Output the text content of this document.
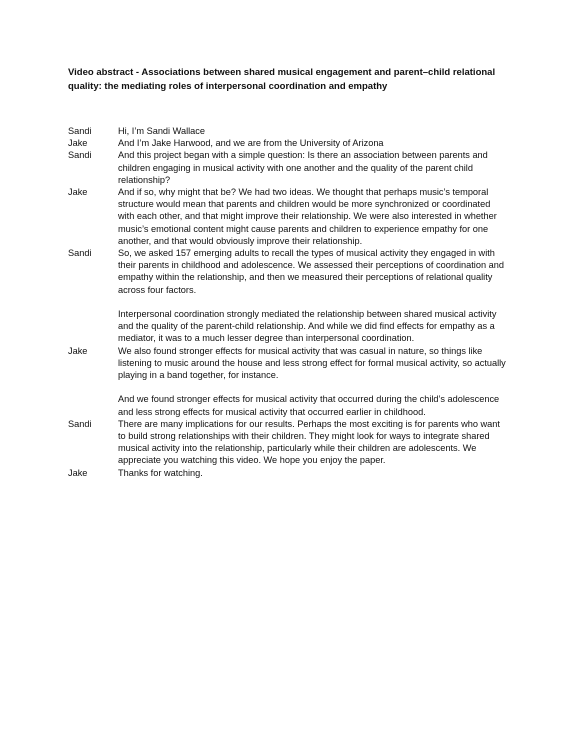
Video abstract - Associations between shared musical engagement and parent–child relational quality: the mediating roles of interpersonal coordination and empathy
Sandi	Hi, I’m Sandi Wallace
Jake	And I’m Jake Harwood, and we are from the University of Arizona
Sandi	And this project began with a simple question: Is there an association between parents and children engaging in musical activity with one another and the quality of the parent child relationship?
Jake	And if so, why might that be? We had two ideas. We thought that perhaps music’s temporal structure would mean that parents and children would be more synchronized or coordinated with each other, and that might improve their relationship. We were also interested in whether music’s emotional content might cause parents and children to experience empathy for one another, and that would obviously improve their relationship.
Sandi	So, we asked 157 emerging adults to recall the types of musical activity they engaged in with their parents in childhood and adolescence. We assessed their perceptions of coordination and empathy within the relationship, and then we measured their perceptions of relational quality across four factors.
Interpersonal coordination strongly mediated the relationship between shared musical activity and the quality of the parent-child relationship. And while we did find effects for empathy as a mediator, it was to a much lesser degree than interpersonal coordination.
Jake	We also found stronger effects for musical activity that was casual in nature, so things like listening to music around the house and less strong effect for formal musical activity, so actually playing in a band together, for instance.
And we found stronger effects for musical activity that occurred during the child’s adolescence and less strong effects for musical activity that occurred earlier in childhood.
Sandi	There are many implications for our results. Perhaps the most exciting is for parents who want to build strong relationships with their children. They might look for ways to integrate shared musical activity into the relationship, particularly while their children are adolescents. We appreciate you watching this video. We hope you enjoy the paper.
Jake	Thanks for watching.
